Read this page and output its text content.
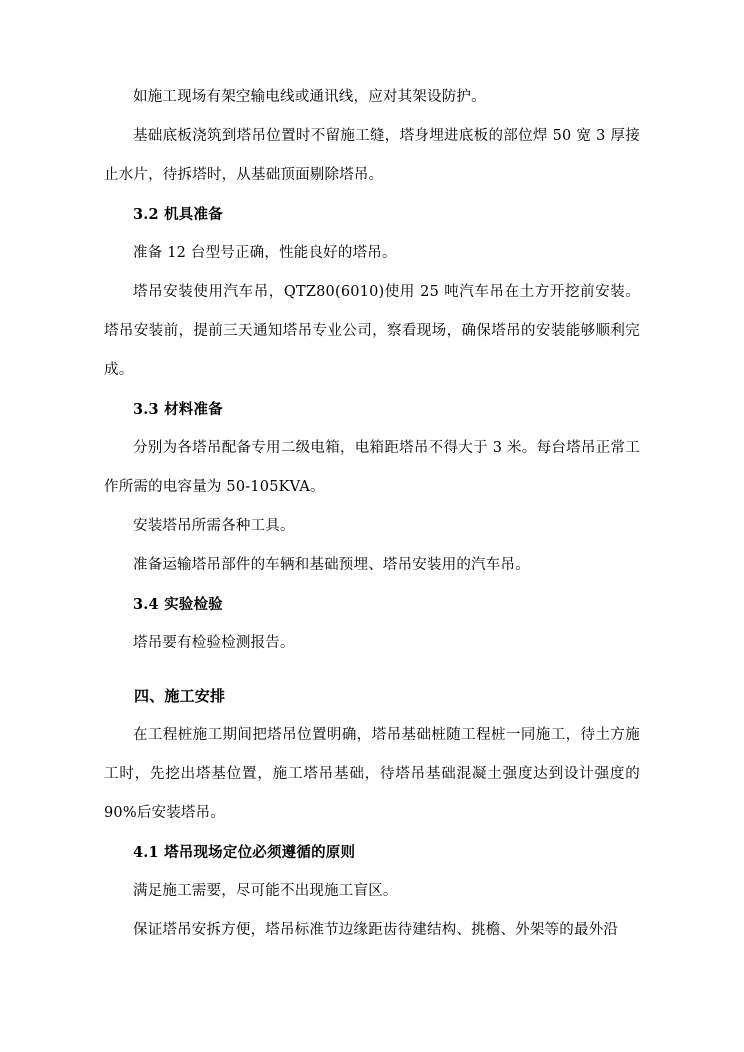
如施工现场有架空输电线或通讯线，应对其架设防护。

基础底板浇筑到塔吊位置时不留施工缝，塔身埋进底板的部位焊 50 宽 3 厚接止水片，待拆塔时，从基础顶面剔除塔吊。

3.2 机具准备

准备 12 台型号正确，性能良好的塔吊。

塔吊安装使用汽车吊，QTZ80(6010)使用 25 吨汽车吊在土方开挖前安装。塔吊安装前，提前三天通知塔吊专业公司，察看现场，确保塔吊的安装能够顺利完成。

3.3 材料准备

分别为各塔吊配备专用二级电箱，电箱距塔吊不得大于 3 米。每台塔吊正常工作所需的电容量为 50-105KVA。

安装塔吊所需各种工具。

准备运输塔吊部件的车辆和基础预埋、塔吊安装用的汽车吊。

3.4 实验检验

塔吊要有检验检测报告。

四、施工安排

在工程桩施工期间把塔吊位置明确，塔吊基础桩随工程桩一同施工，待土方施工时，先挖出塔基位置，施工塔吊基础，待塔吊基础混凝土强度达到设计强度的 90%后安装塔吊。

4.1 塔吊现场定位必须遵循的原则

满足施工需要，尽可能不出现施工盲区。

保证塔吊安拆方便，塔吊标准节边缘距齿待建结构、挑檐、外架等的最外沿
